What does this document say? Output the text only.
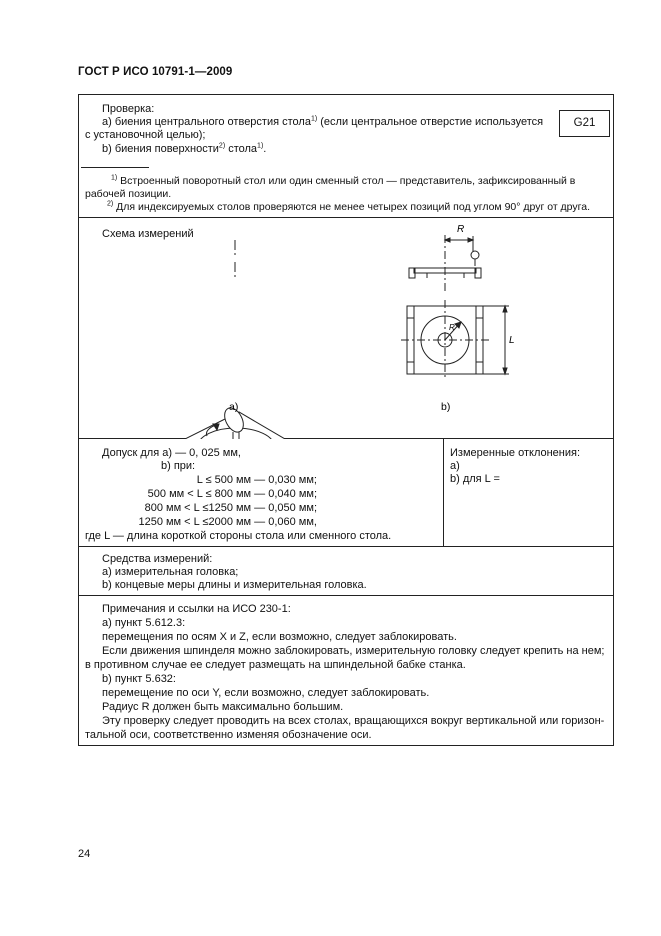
ГОСТ Р ИСО 10791-1—2009
Проверка:
a) биения центрального отверстия стола$^{1)}$ (если центральное отверстие используется
с установочной целью);
b) биения поверхности$^{2)}$ стола$^{1)}$.
G21
$^{1)}$ Встроенный поворотный стол или один сменный стол — представитель, зафиксированный в
рабочей позиции.
$^{2)}$ Для индексируемых столов проверяются не менее четырех позиций под углом 90° друг от друга.
Схема измерений	R
R
L
a)	b)
Допуск для a) — 0, 025 мм,
b) при:
L ≤ 500 мм — 0,030 мм;
500 мм < L ≤ 800 мм — 0,040 мм;
800 мм < L ≤1250 мм — 0,050 мм;
1250 мм < L ≤2000 мм — 0,060 мм,
где L — длина короткой стороны стола или сменного стола.
Измеренные отклонения:
a)
b) для L =
Средства измерений:
a) измерительная головка;
b) концевые меры длины и измерительная головка.
Примечания и ссылки на ИСО 230-1:
a) пункт 5.612.3:
перемещения по осям X и Z, если возможно, следует заблокировать.
Если движения шпинделя можно заблокировать, измерительную головку следует крепить на нем;
в противном случае ее следует размещать на шпиндельной бабке станка.
b) пункт 5.632:
перемещение по оси Y, если возможно, следует заблокировать.
Радиус R должен быть максимально большим.
Эту проверку следует проводить на всех столах, вращающихся вокруг вертикальной или горизон-
тальной оси, соответственно изменяя обозначение оси.
24
